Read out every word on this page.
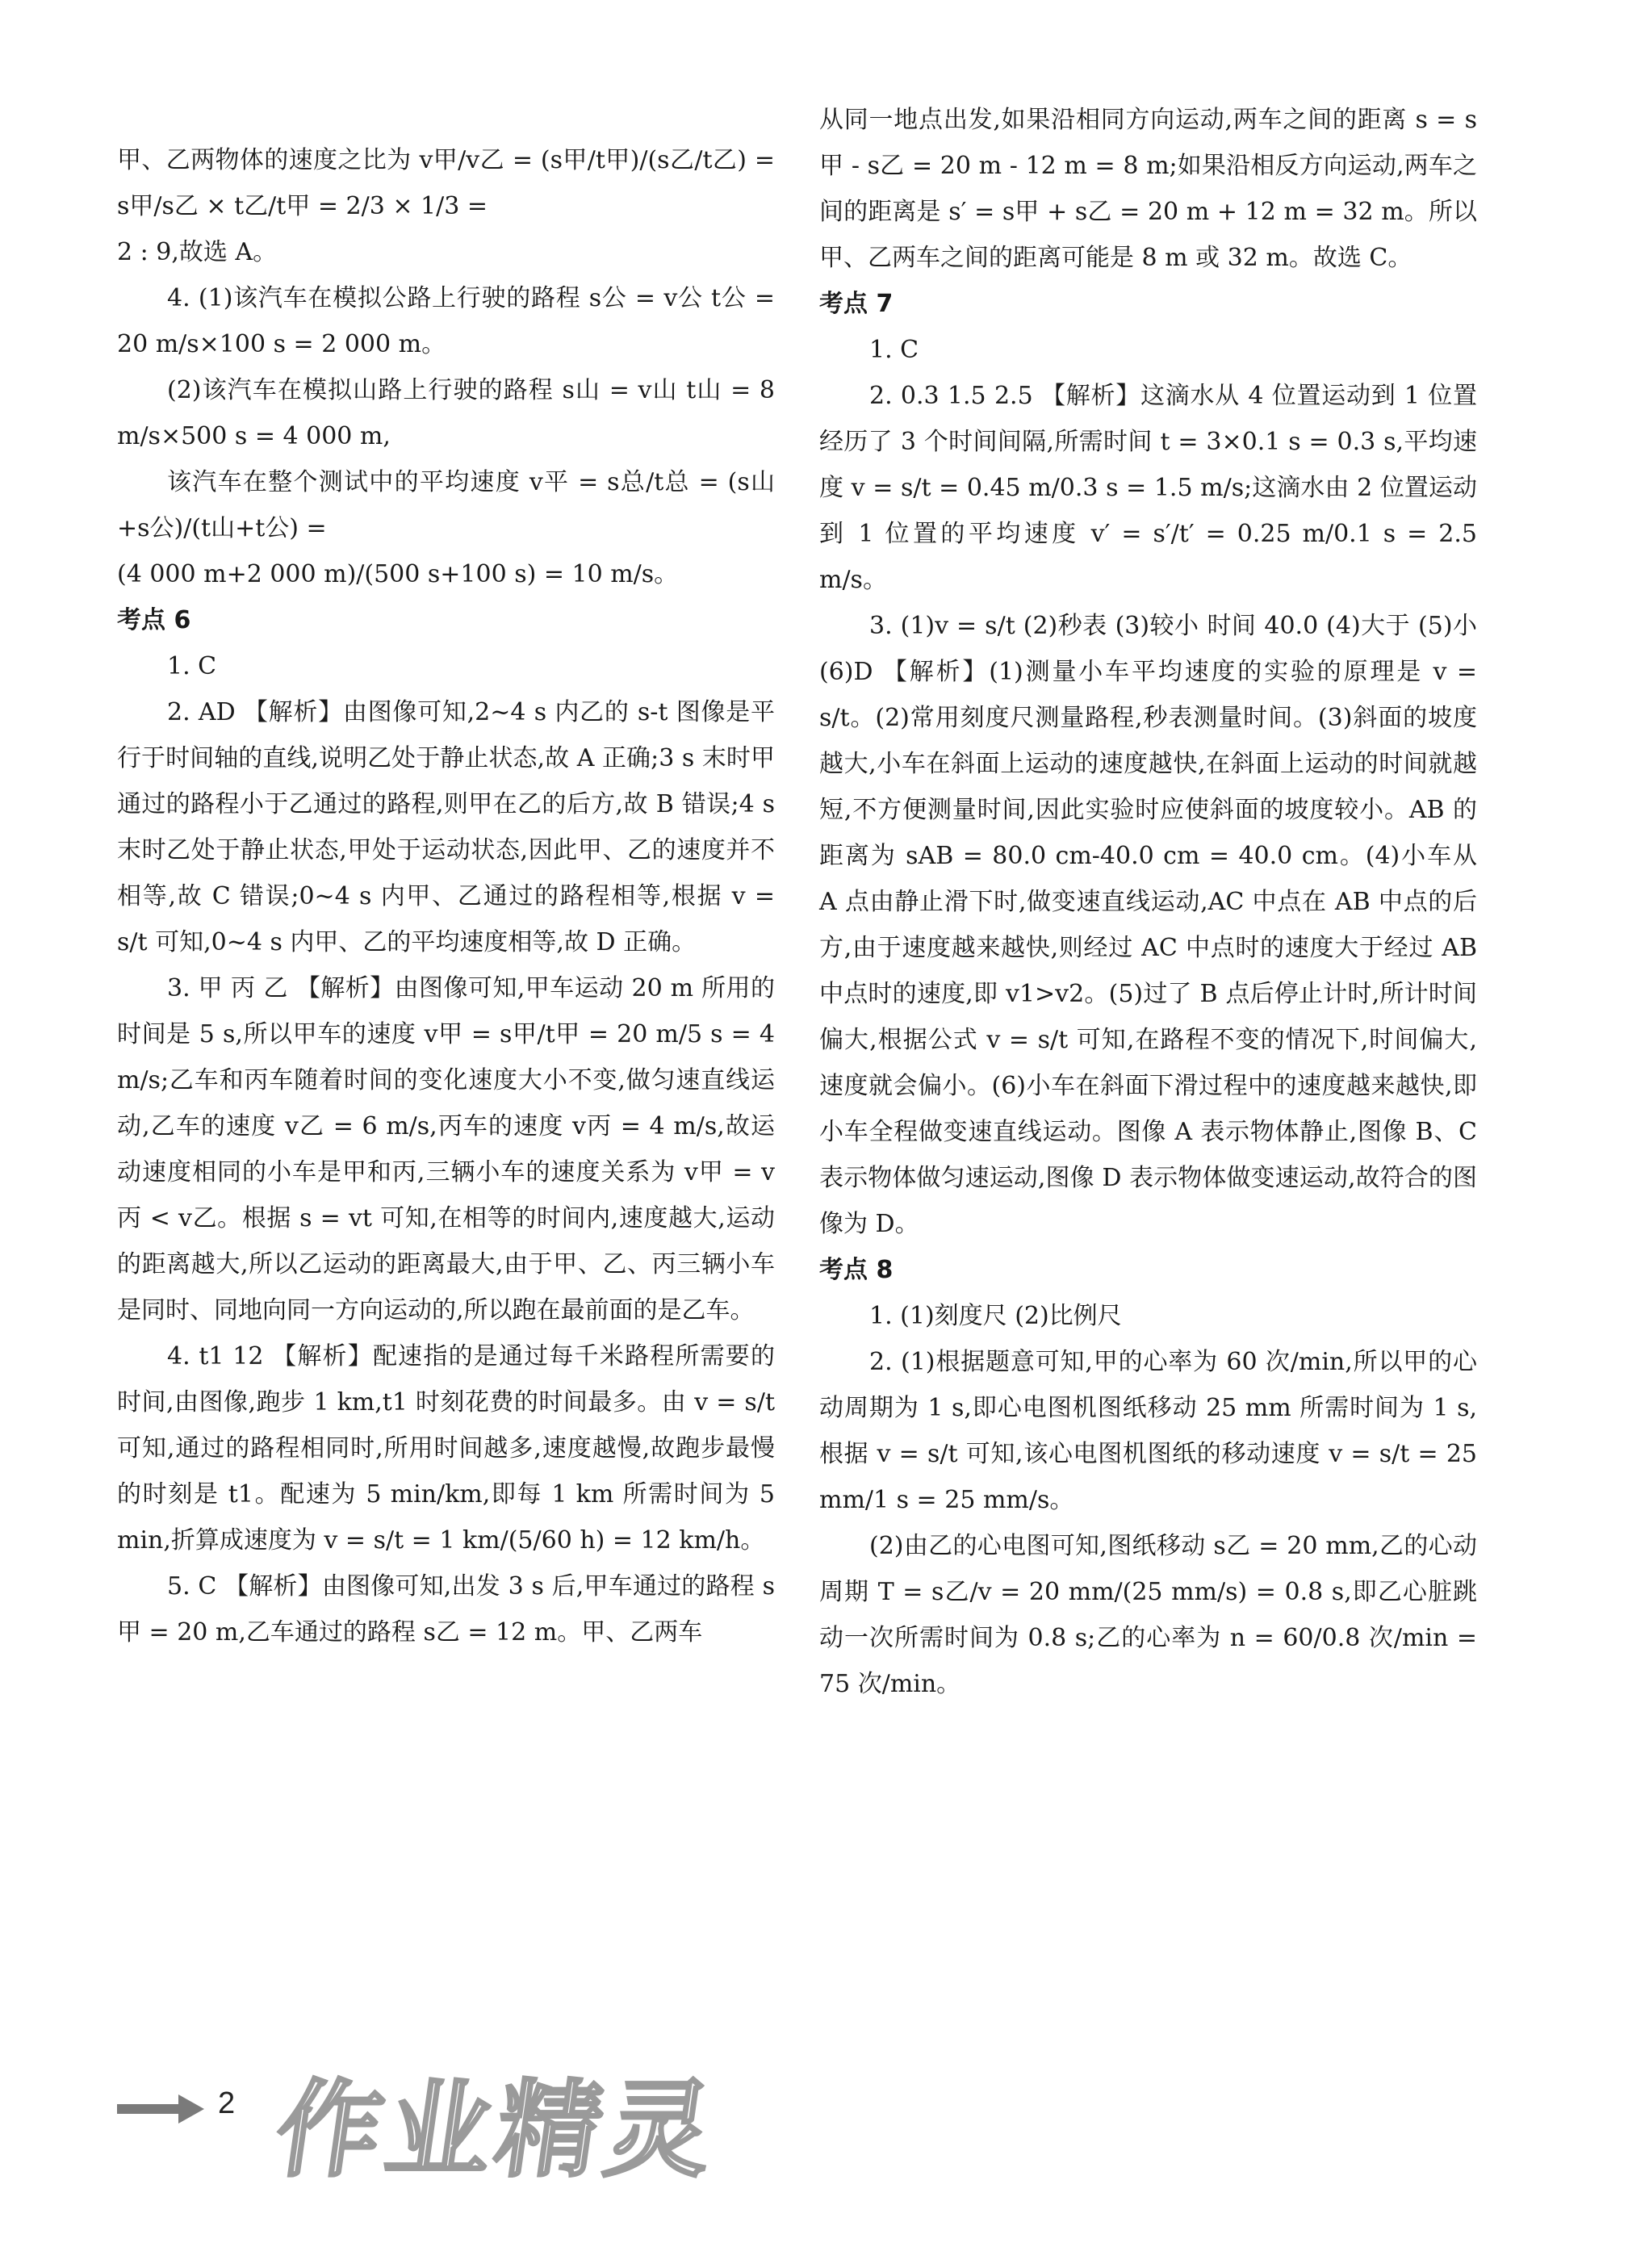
甲、乙两物体的速度之比为 v甲/v乙 = (s甲/t甲)/(s乙/t乙) = s甲/s乙 × t乙/t甲 = 2/3 × 1/3 =

2 : 9,故选 A。

4. (1)该汽车在模拟公路上行驶的路程 s公 = v公 t公 = 20 m/s×100 s = 2 000 m。

(2)该汽车在模拟山路上行驶的路程 s山 = v山 t山 = 8 m/s×500 s = 4 000 m,

该汽车在整个测试中的平均速度 v平 = s总/t总 = (s山+s公)/(t山+t公) =

(4 000 m+2 000 m)/(500 s+100 s) = 10 m/s。

考点 6

1. C

2. AD 【解析】由图像可知,2~4 s 内乙的 s-t 图像是平行于时间轴的直线,说明乙处于静止状态,故 A 正确;3 s 末时甲通过的路程小于乙通过的路程,则甲在乙的后方,故 B 错误;4 s 末时乙处于静止状态,甲处于运动状态,因此甲、乙的速度并不相等,故 C 错误;0~4 s 内甲、乙通过的路程相等,根据 v = s/t 可知,0~4 s 内甲、乙的平均速度相等,故 D 正确。

3. 甲 丙 乙 【解析】由图像可知,甲车运动 20 m 所用的时间是 5 s,所以甲车的速度 v甲 = s甲/t甲 = 20 m/5 s = 4 m/s;乙车和丙车随着时间的变化速度大小不变,做匀速直线运动,乙车的速度 v乙 = 6 m/s,丙车的速度 v丙 = 4 m/s,故运动速度相同的小车是甲和丙,三辆小车的速度关系为 v甲 = v丙 < v乙。根据 s = vt 可知,在相等的时间内,速度越大,运动的距离越大,所以乙运动的距离最大,由于甲、乙、丙三辆小车是同时、同地向同一方向运动的,所以跑在最前面的是乙车。

4. t1 12 【解析】配速指的是通过每千米路程所需要的时间,由图像,跑步 1 km,t1 时刻花费的时间最多。由 v = s/t 可知,通过的路程相同时,所用时间越多,速度越慢,故跑步最慢的时刻是 t1。配速为 5 min/km,即每 1 km 所需时间为 5 min,折算成速度为 v = s/t = 1 km/(5/60 h) = 12 km/h。

5. C 【解析】由图像可知,出发 3 s 后,甲车通过的路程 s甲 = 20 m,乙车通过的路程 s乙 = 12 m。甲、乙两车

从同一地点出发,如果沿相同方向运动,两车之间的距离 s = s甲 - s乙 = 20 m - 12 m = 8 m;如果沿相反方向运动,两车之间的距离是 s′ = s甲 + s乙 = 20 m + 12 m = 32 m。所以甲、乙两车之间的距离可能是 8 m 或 32 m。故选 C。

考点 7

1. C

2. 0.3 1.5 2.5 【解析】这滴水从 4 位置运动到 1 位置经历了 3 个时间间隔,所需时间 t = 3×0.1 s = 0.3 s,平均速度 v = s/t = 0.45 m/0.3 s = 1.5 m/s;这滴水由 2 位置运动到 1 位置的平均速度 v′ = s′/t′ = 0.25 m/0.1 s = 2.5 m/s。

3. (1)v = s/t (2)秒表 (3)较小 时间 40.0 (4)大于 (5)小 (6)D 【解析】(1)测量小车平均速度的实验的原理是 v = s/t。(2)常用刻度尺测量路程,秒表测量时间。(3)斜面的坡度越大,小车在斜面上运动的速度越快,在斜面上运动的时间就越短,不方便测量时间,因此实验时应使斜面的坡度较小。AB 的距离为 sAB = 80.0 cm-40.0 cm = 40.0 cm。(4)小车从 A 点由静止滑下时,做变速直线运动,AC 中点在 AB 中点的后方,由于速度越来越快,则经过 AC 中点时的速度大于经过 AB 中点时的速度,即 v1>v2。(5)过了 B 点后停止计时,所计时间偏大,根据公式 v = s/t 可知,在路程不变的情况下,时间偏大,速度就会偏小。(6)小车在斜面下滑过程中的速度越来越快,即小车全程做变速直线运动。图像 A 表示物体静止,图像 B、C 表示物体做匀速运动,图像 D 表示物体做变速运动,故符合的图像为 D。

考点 8

1. (1)刻度尺 (2)比例尺

2. (1)根据题意可知,甲的心率为 60 次/min,所以甲的心动周期为 1 s,即心电图机图纸移动 25 mm 所需时间为 1 s,根据 v = s/t 可知,该心电图机图纸的移动速度 v = s/t = 25 mm/1 s = 25 mm/s。

(2)由乙的心电图可知,图纸移动 s乙 = 20 mm,乙的心动周期 T = s乙/v = 20 mm/(25 mm/s) = 0.8 s,即乙心脏跳动一次所需时间为 0.8 s;乙的心率为 n = 60/0.8 次/min = 75 次/min。

2 作业精灵
